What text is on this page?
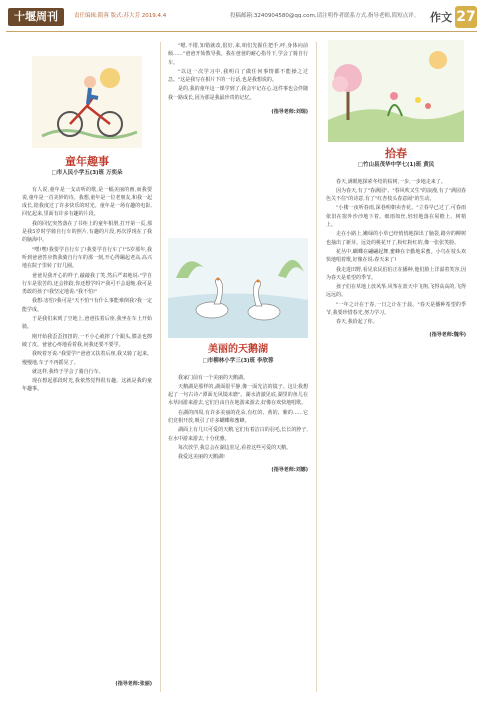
十堰周刊	责任编辑:隋蓉 版式:苏大芳 2019.4.4	投稿邮箱:3240904580@qq.com,请注明作者联系方式,指导老师,简短点评。 作文 27
童年趣事
□市人民小学五(3)班 万奕朵

有人说,童年是一支动听的歌,是一幅美丽的画,而我要说,童年是一首美妙的诗。我想,童年是一位老朋友,和我一起成长,陪我度过了许多快乐的时光。童年是一场有趣的电影,回忆起来,里面有许多有趣的片段。

我的回忆突然落在了书柜上的童年相册,打开第一页,那是我5岁时学骑自行车的照片,有趣的片段,再次浮现在了我的脑海中。

"嘿!嘿!我要学自行车了!我要学自行车了!"5岁那年,我听到爸爸答应教我骑自行车的那一刻,开心得蹦起老高,高兴地在院子里转了好几圈。

爸爸见我开心的样子,敲敲我了笑,然后严肃地说:"学自行车是很苦的,还会摔跤,你还想学吗?"我可不会退缩,我可是勇敢的孩子!我坚定地说:"我不怕!"

我想:害怕?我可是"天不怕"!有什么事能难倒我?我一定能学成。

于是我们来到了空地上,爸爸扶着后座,我坐在车上开始骑。

刚开始我歪歪扭扭的,一不小心就摔了个跟头,膝盖也擦破了皮。爸爸心疼地看着我,问我还要不要学。

我咬着牙说:"我要学!"爸爸又扶着后座,我又骑了起来。慢慢地,车子不再摇晃了。

就这样,我终于学会了骑自行车。

现在想起那段时光,我依然觉得很有趣。这就是我的童年趣事。

"嗯,不错,知错就改,很好,来,咱们先握住把手,呼,身体向前倾……"爸爸开始教导我。我在爸爸的耐心指导下,学会了骑自行车。

"以这一次学习中,我明白了做任何事情都不能操之过急。"这是我写在相片下的一行话,也是我想说的。

是的,我的童年这一课学到了,我会牢记在心,这件事也会伴随我一路成长,因为那是我最珍贵的记忆。

(指导老师:刘瑞)
美丽的天鹅湖
□市柳林小学三(3)班 李欣蓉

我家门前有一个美丽的天鹅湖。

天鹅湖是那样的,湖面很平静,像一面光洁的镜子。这让我想起了一句古诗:"潭面无风镜未磨"。湖水清澈见底,湖里的鱼儿在水草间游来游去,它们自由自在地游来游去,好像在欢快地唱歌。

在湖的四周,有许多美丽的花朵,有红的、黄的、紫的……它们竞相开放,吸引了许多蝴蝶和蜜蜂。

湖面上有几只可爱的天鹅,它们有着洁白的羽毛,长长的脖子,在水中游来游去,十分优雅。

每次放学,我总会在湖边驻足,看着这些可爱的天鹅。

我爱这美丽的天鹅湖!

(指导老师:刘娜)
拾春
□竹山县茂华中学七(1)班 黄民

春天,满眼地探索冬结的枯树,一步,一步地走来了。

因为春天,有了"春满园"、"春风吹又生"的浪漫,有了"满园春色关不住"的诗意,有了"红杏枝头春意闹"的生动。

"小楼一夜听春雨,深巷明朝卖杏花。"立春早已过了,可春雨依旧在窗外沙沙地下着。细雨如丝,轻轻地落在屋檐上、树梢上。

走在小路上,嫩绿的小草已经悄悄地探出了脑袋,路旁的柳树也抽出了新芽。远处的桃花开了,粉红粉红的,像一张张笑脸。

花丛中,蝴蝶在翩翩起舞,蜜蜂在辛勤地采蜜。小鸟在枝头欢快地唱着歌,好像在说:春天来了!

我走进田野,看见农民伯伯正在播种,他们脸上洋溢着笑容,因为春天是希望的季节。

孩子们在草地上放风筝,风筝在蓝天中飞翔,飞得高高的,飞得远远的。

"一年之计在于春,一日之计在于晨。"春天是播种希望的季节,我要珍惜春光,努力学习。

春天,我拾起了你。

(指导老师:魏华)
(指导老师:张丽)
